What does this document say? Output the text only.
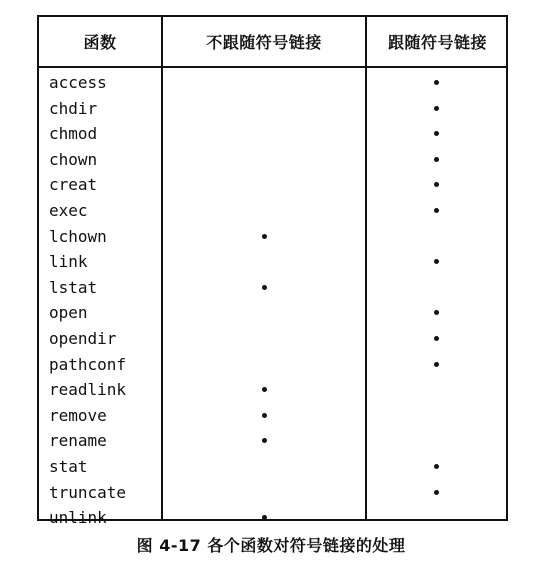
函数	不跟随符号链接	跟随符号链接
access
chdir
chmod
chown
creat
exec
lchown
link
lstat
open
opendir
pathconf
readlink
remove
rename
stat
truncate
unlink
图 4-17 各个函数对符号链接的处理
